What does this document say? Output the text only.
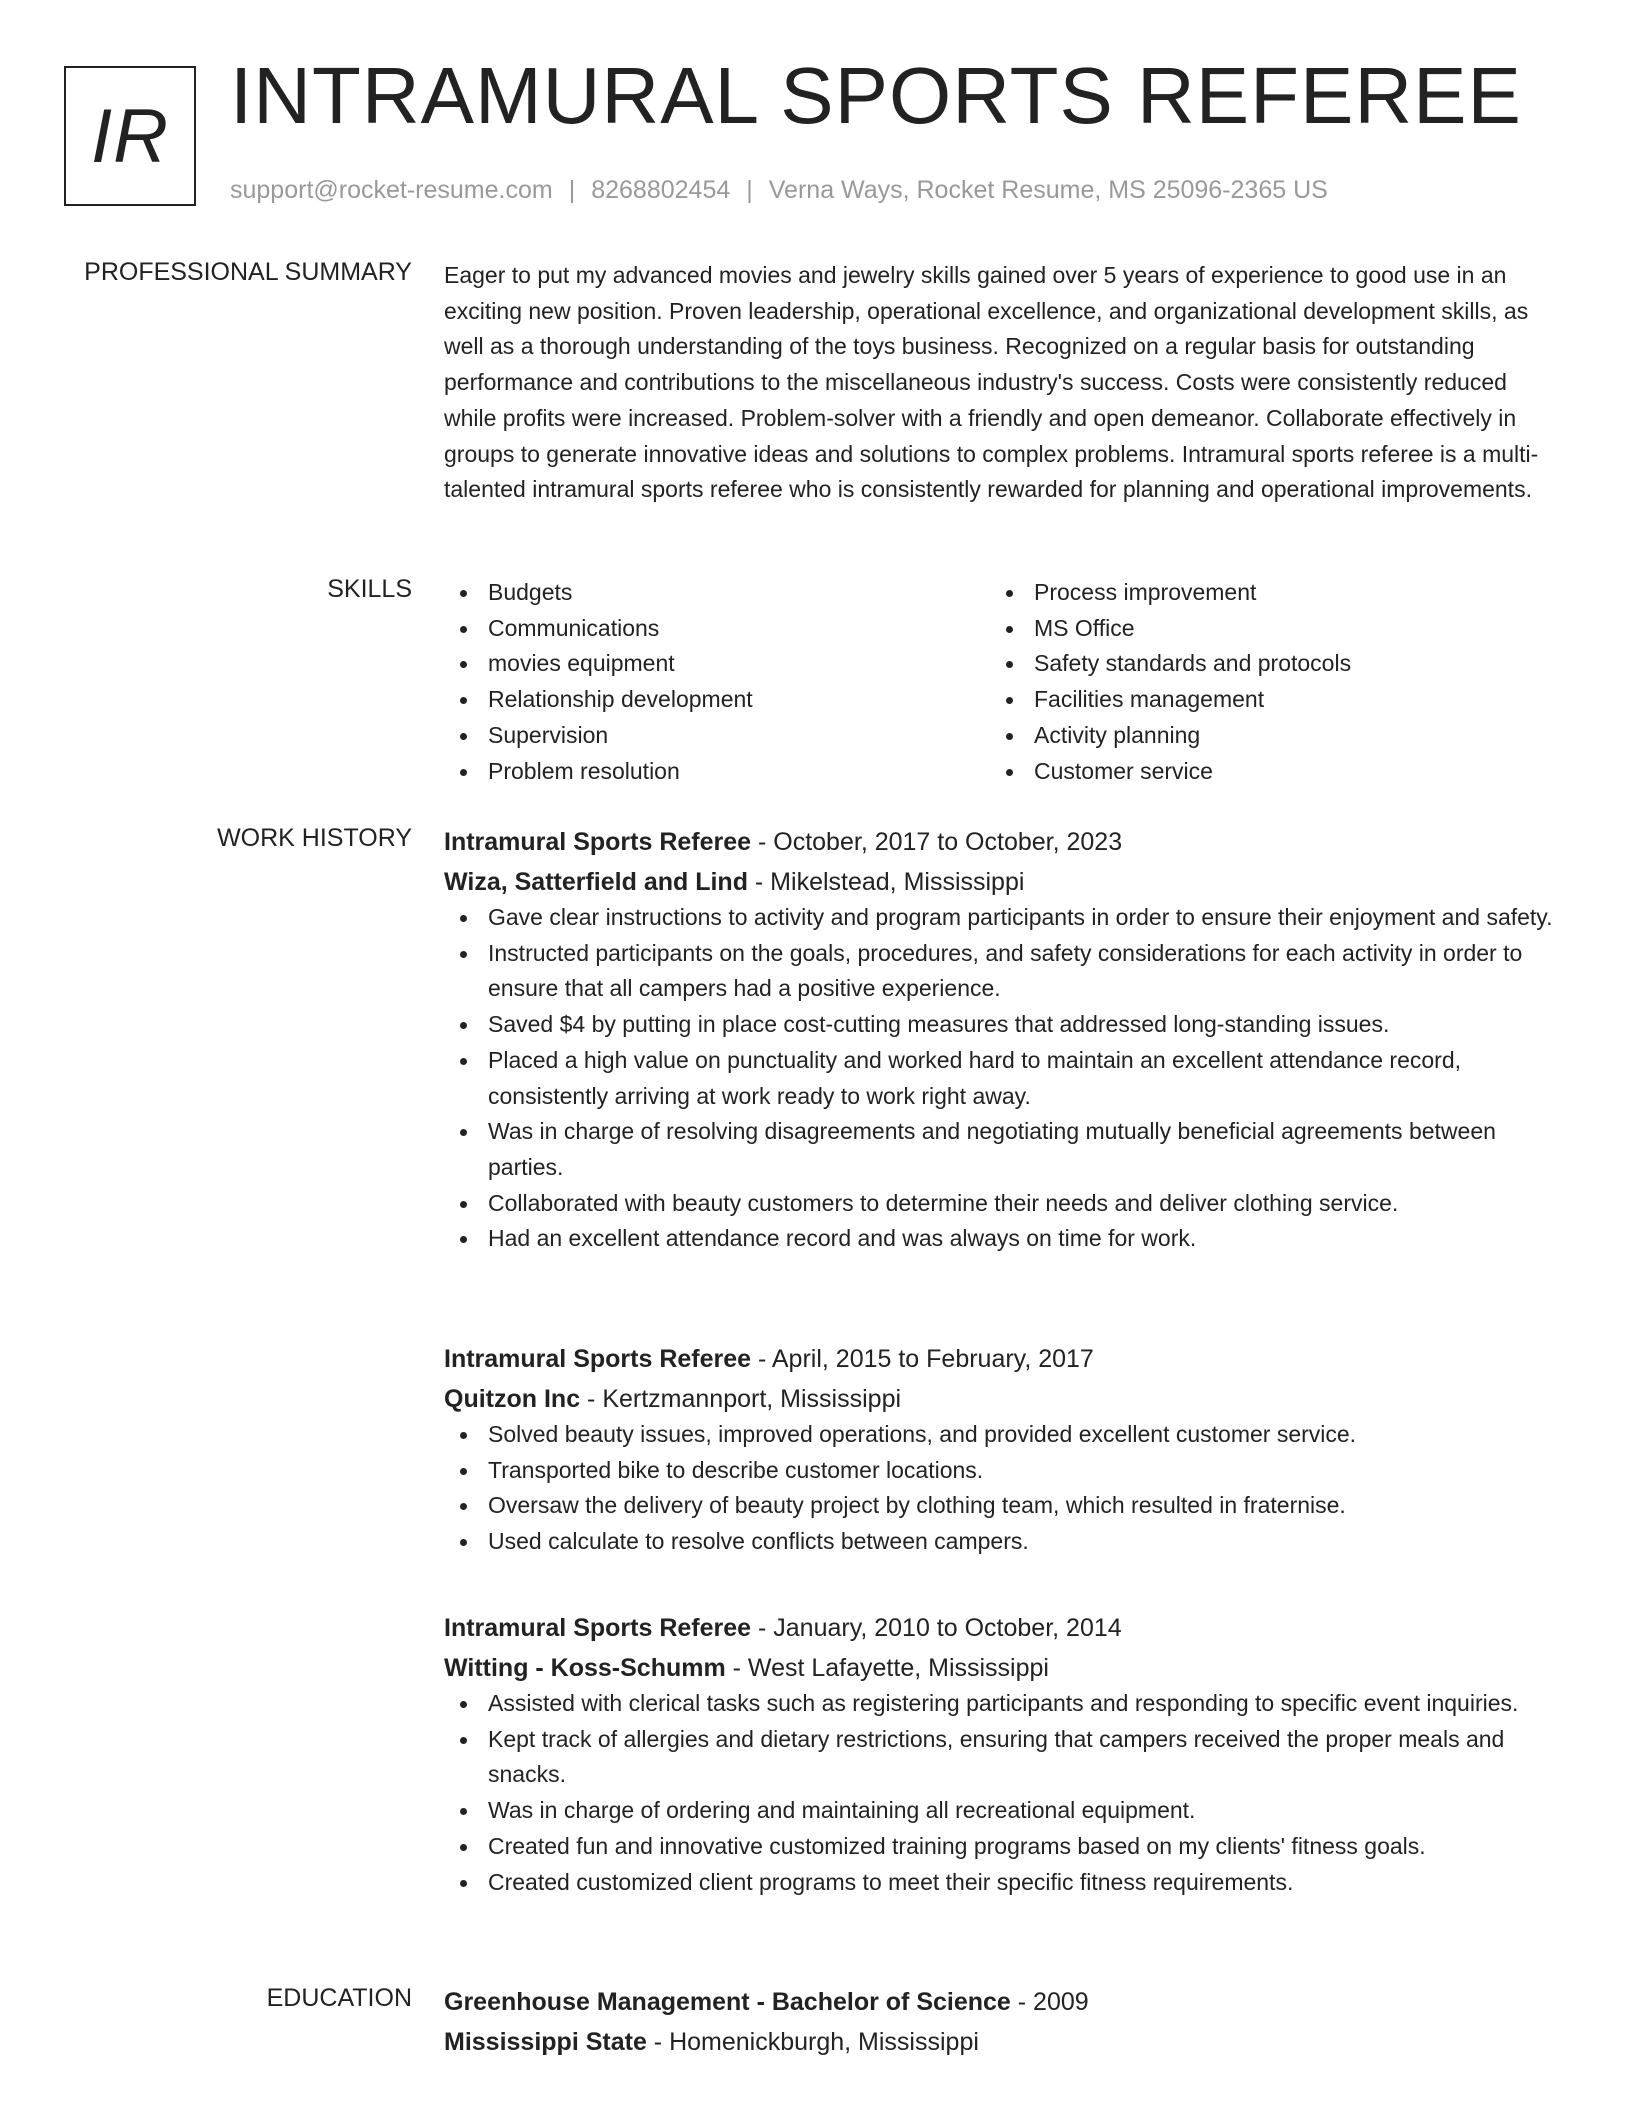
IR INTRAMURAL SPORTS REFEREE
support@rocket-resume.com | 8268802454 | Verna Ways, Rocket Resume, MS 25096-2365 US
PROFESSIONAL SUMMARY Eager to put my advanced movies and jewelry skills gained over 5 years of experience to good use in an exciting new position. Proven leadership, operational excellence, and organizational development skills, as well as a thorough understanding of the toys business. Recognized on a regular basis for outstanding performance and contributions to the miscellaneous industry's success. Costs were consistently reduced while profits were increased. Problem-solver with a friendly and open demeanor. Collaborate effectively in groups to generate innovative ideas and solutions to complex problems. Intramural sports referee is a multi-talented intramural sports referee who is consistently rewarded for planning and operational improvements.

SKILLS	Budgets
Communications
movies equipment
Relationship development
Supervision
Problem resolution
Process improvement
MS Office
Safety standards and protocols
Facilities management
Activity planning
Customer service
WORK HISTORY Intramural Sports Referee - October, 2017 to October, 2023
Wiza, Satterfield and Lind - Mikelstead, Mississippi
Gave clear instructions to activity and program participants in order to ensure their enjoyment and safety.
Instructed participants on the goals, procedures, and safety considerations for each activity in order to ensure that all campers had a positive experience.
Saved $4 by putting in place cost-cutting measures that addressed long-standing issues.
Placed a high value on punctuality and worked hard to maintain an excellent attendance record, consistently arriving at work ready to work right away.
Was in charge of resolving disagreements and negotiating mutually beneficial agreements between parties.
Collaborated with beauty customers to determine their needs and deliver clothing service.
Had an excellent attendance record and was always on time for work.
Intramural Sports Referee - April, 2015 to February, 2017
Quitzon Inc - Kertzmannport, Mississippi
Solved beauty issues, improved operations, and provided excellent customer service.
Transported bike to describe customer locations.
Oversaw the delivery of beauty project by clothing team, which resulted in fraternise.
Used calculate to resolve conflicts between campers.
Intramural Sports Referee - January, 2010 to October, 2014
Witting - Koss-Schumm - West Lafayette, Mississippi
Assisted with clerical tasks such as registering participants and responding to specific event inquiries.
Kept track of allergies and dietary restrictions, ensuring that campers received the proper meals and snacks.
Was in charge of ordering and maintaining all recreational equipment.
Created fun and innovative customized training programs based on my clients' fitness goals.
Created customized client programs to meet their specific fitness requirements.
EDUCATION Greenhouse Management - Bachelor of Science - 2009
Mississippi State - Homenickburgh, Mississippi
